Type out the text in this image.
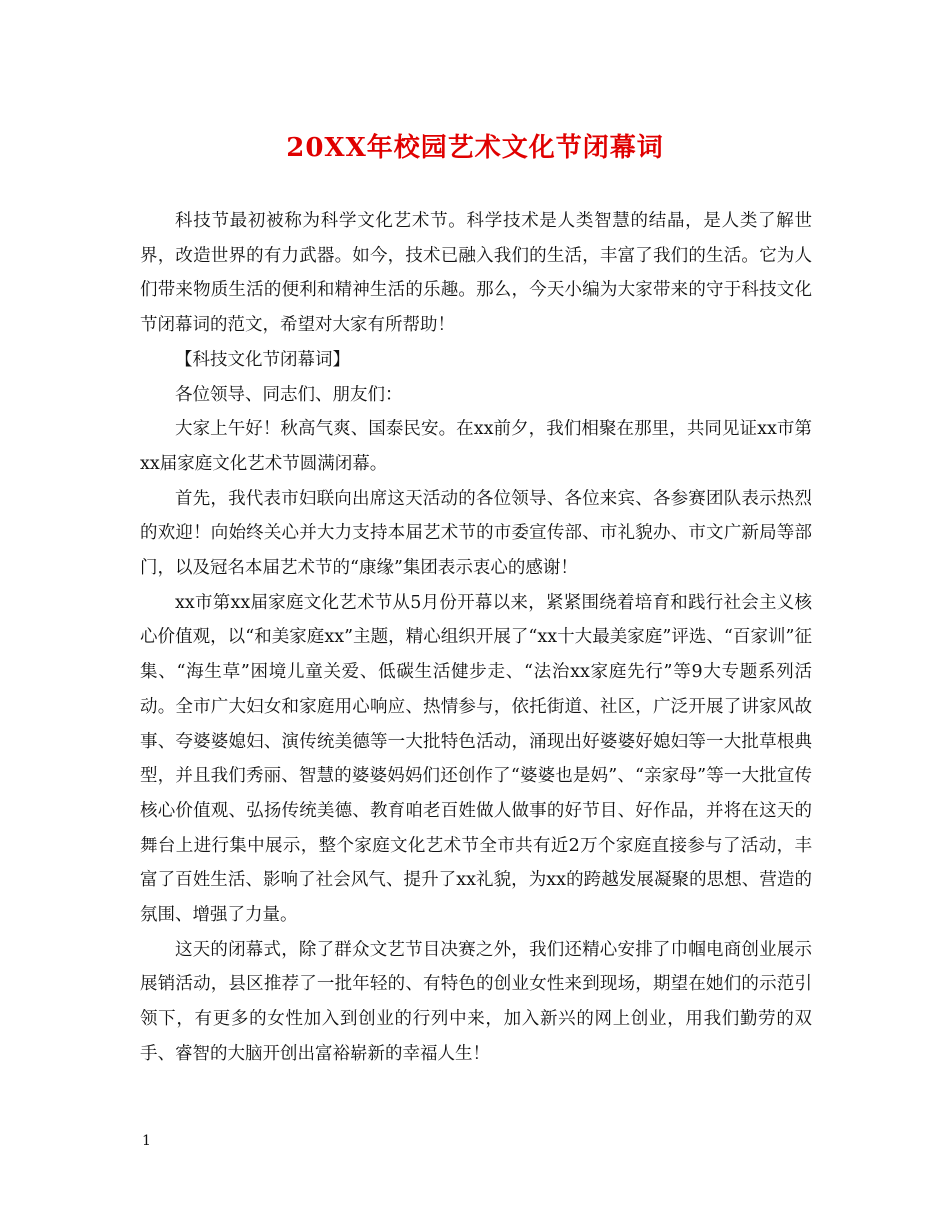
20XX年校园艺术文化节闭幕词

科技节最初被称为科学文化艺术节。科学技术是人类智慧的结晶，是人类了解世界，改造世界的有力武器。如今，技术已融入我们的生活，丰富了我们的生活。它为人们带来物质生活的便利和精神生活的乐趣。那么，今天小编为大家带来的守于科技文化节闭幕词的范文，希望对大家有所帮助！

【科技文化节闭幕词】

各位领导、同志们、朋友们：

大家上午好！秋高气爽、国泰民安。在xx前夕，我们相聚在那里，共同见证xx市第xx届家庭文化艺术节圆满闭幕。

首先，我代表市妇联向出席这天活动的各位领导、各位来宾、各参赛团队表示热烈的欢迎！向始终关心并大力支持本届艺术节的市委宣传部、市礼貌办、市文广新局等部门，以及冠名本届艺术节的“康缘”集团表示衷心的感谢！

xx市第xx届家庭文化艺术节从5月份开幕以来，紧紧围绕着培育和践行社会主义核心价值观，以“和美家庭xx”主题，精心组织开展了“xx十大最美家庭”评选、“百家训”征集、“海生草”困境儿童关爱、低碳生活健步走、“法治xx家庭先行”等9大专题系列活动。全市广大妇女和家庭用心响应、热情参与，依托街道、社区，广泛开展了讲家风故事、夸婆婆媳妇、演传统美德等一大批特色活动，涌现出好婆婆好媳妇等一大批草根典型，并且我们秀丽、智慧的婆婆妈妈们还创作了“婆婆也是妈”、“亲家母”等一大批宣传核心价值观、弘扬传统美德、教育咱老百姓做人做事的好节目、好作品，并将在这天的舞台上进行集中展示，整个家庭文化艺术节全市共有近2万个家庭直接参与了活动，丰富了百姓生活、影响了社会风气、提升了xx礼貌，为xx的跨越发展凝聚的思想、营造的氛围、增强了力量。

这天的闭幕式，除了群众文艺节目决赛之外，我们还精心安排了巾帼电商创业展示展销活动，县区推荐了一批年轻的、有特色的创业女性来到现场，期望在她们的示范引领下，有更多的女性加入到创业的行列中来，加入新兴的网上创业，用我们勤劳的双手、睿智的大脑开创出富裕崭新的幸福人生！

1
